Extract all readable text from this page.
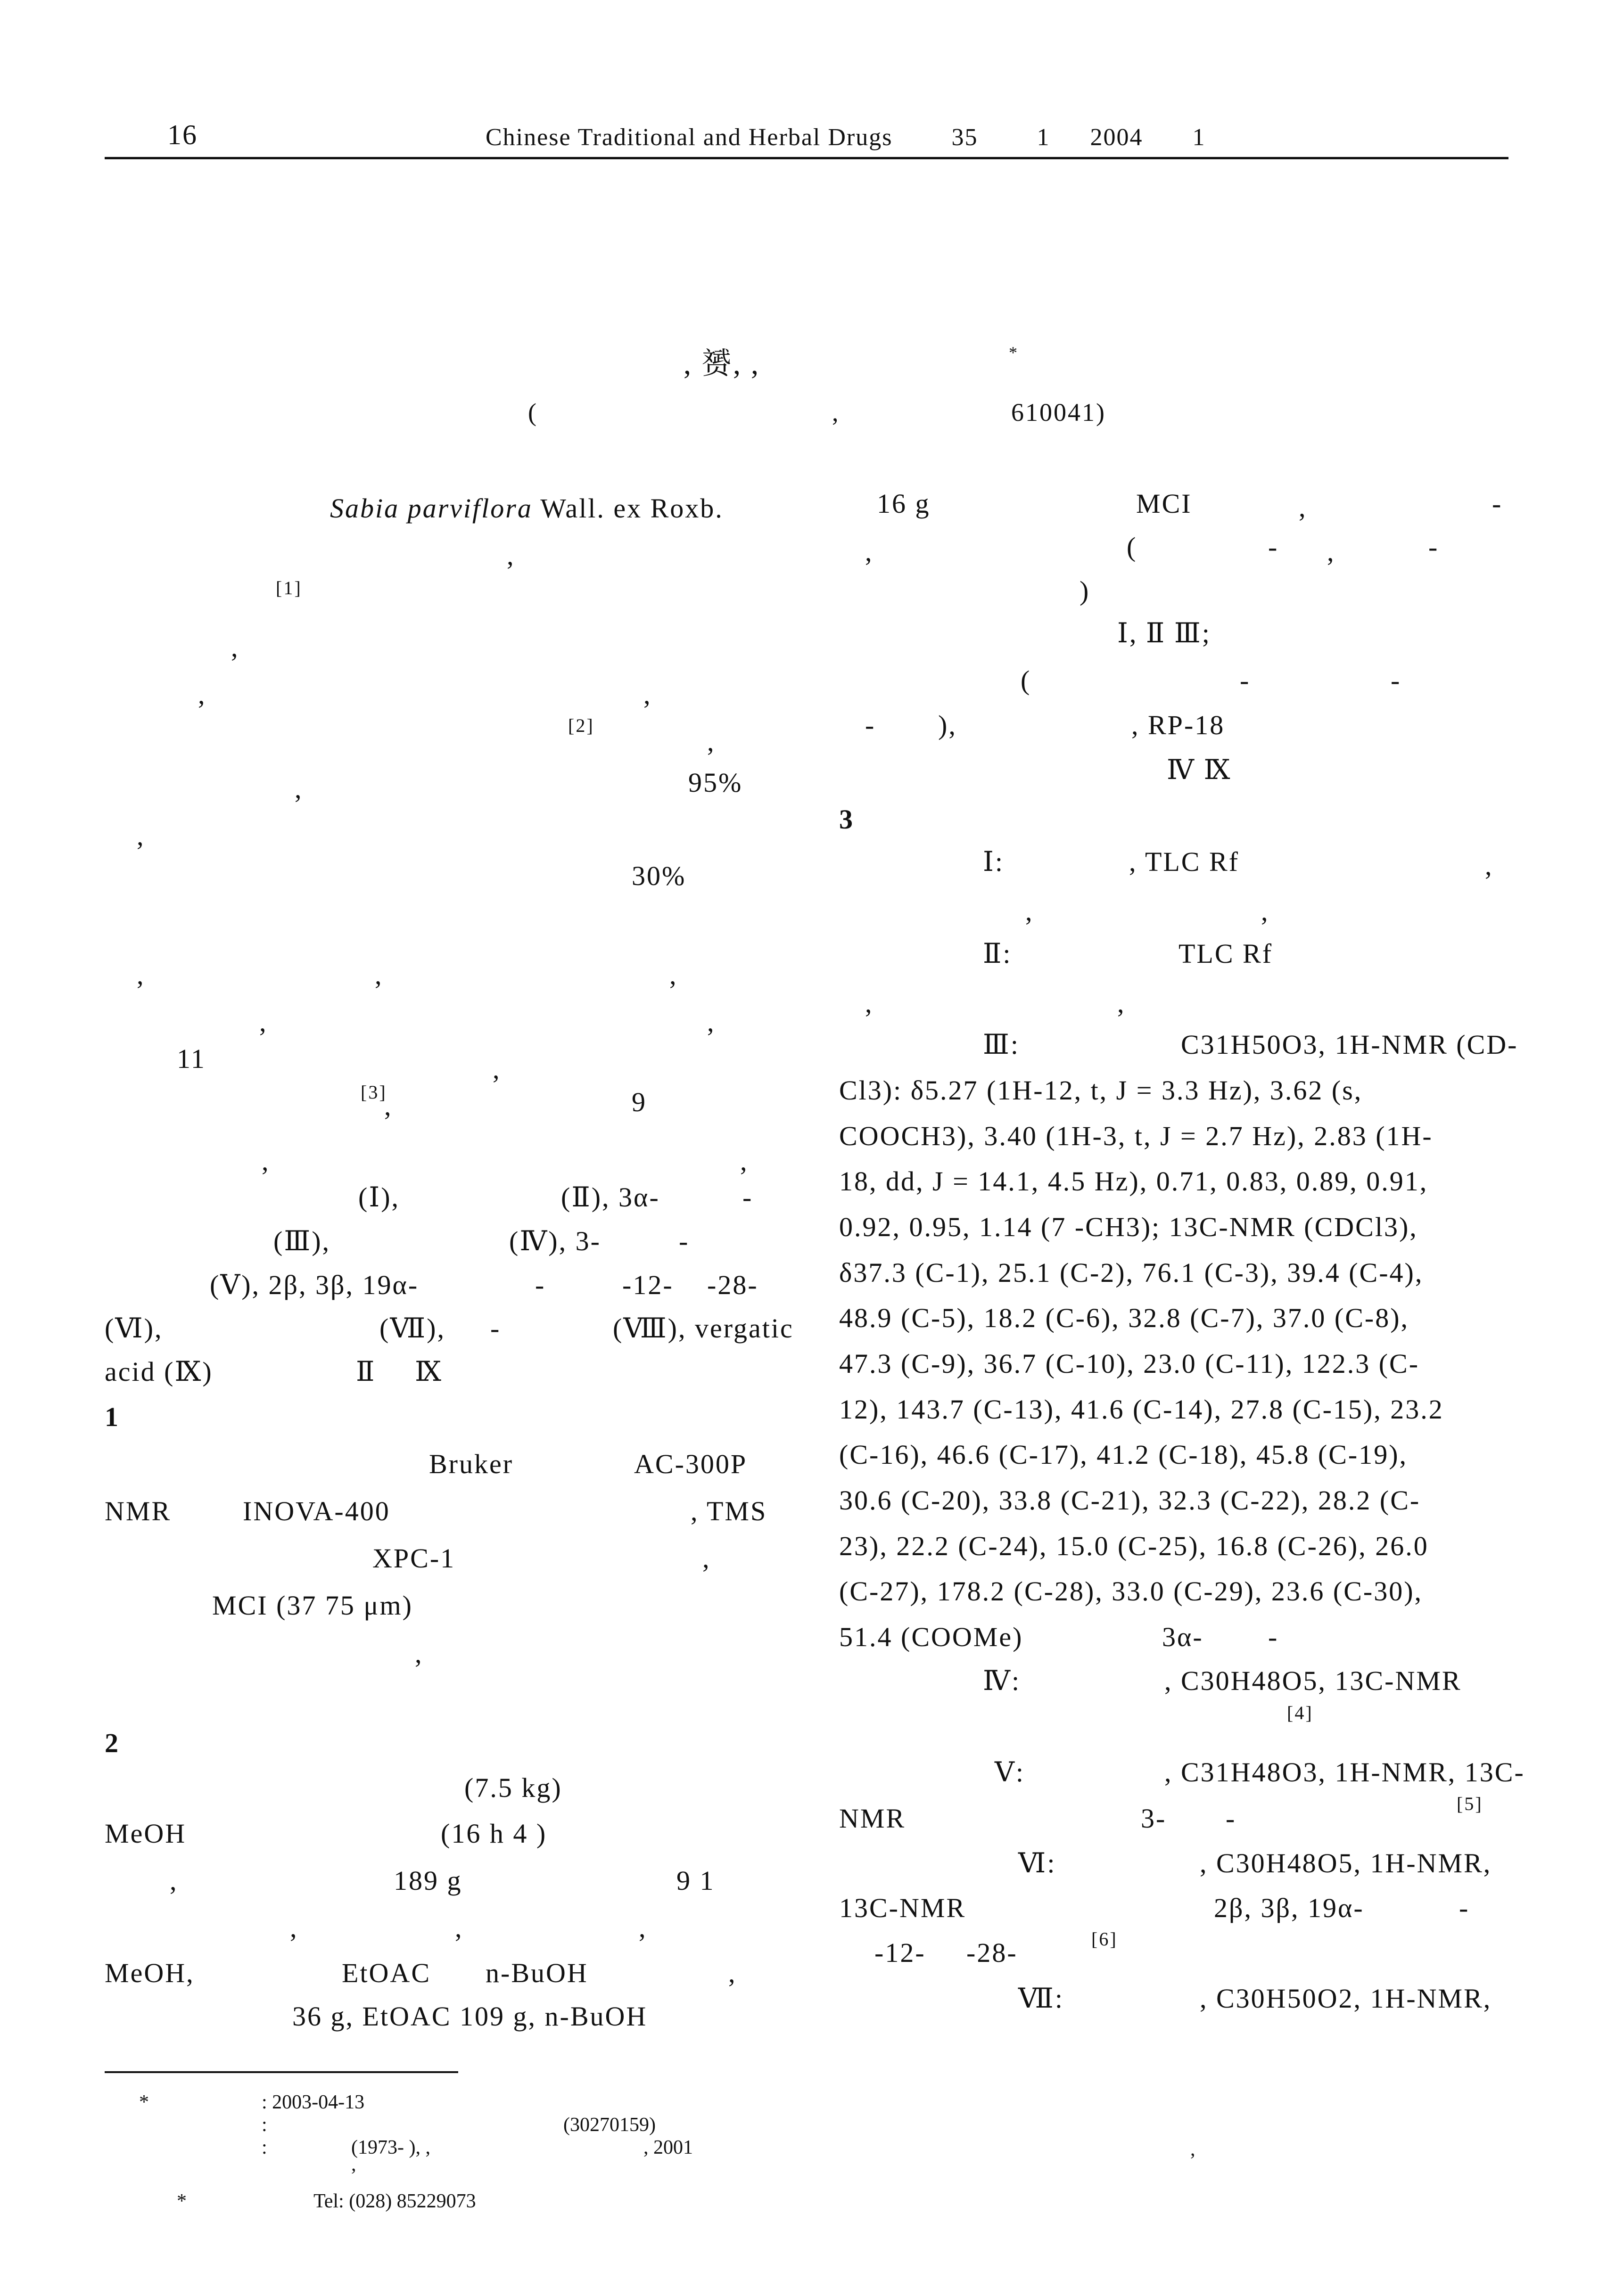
16	Chinese Traditional and Herbal Drugs 35 1 2004 1
, 赟, ,	*
(	,	610041)
Sabia parviflora Wall. ex Roxb.
,
[1]
,
,	,
[2]
,
,	95%
,
30%
,	,	,
,	,
11	,
[3]
,	9
,	,
(Ⅰ),	(Ⅱ), 3α-	-
(Ⅲ),	(Ⅳ), 3-	-
(Ⅴ), 2β, 3β, 19α-	-	-12- -28-
(Ⅵ),	(Ⅶ), -	(Ⅷ), vergatic
acid (Ⅸ)	Ⅱ Ⅸ
1
Bruker	AC-300P
NMR	INOVA-400	, TMS
XPC-1	,
MCI (37 75 μm)
,
2
(7.5 kg)
MeOH	(16 h 4 )
,	189 g	9 1
,	,	,
MeOH,	EtOAC n-BuOH	,
36 g, EtOAC 109 g, n-BuOH
*	: 2003-04-13
:	(30270159)
:	(1973- ), ,	, 2001
,
*	Tel: (028) 85229073
,
16 g	MCI	,	-
,	(	- ,	-
)
Ⅰ, Ⅱ Ⅲ;
(	-	-
- ),	, RP-18
Ⅳ Ⅸ
3
Ⅰ:	, TLC Rf	,
,	,
Ⅱ:	TLC Rf
,	,
Ⅲ:	C31H50O3, 1H-NMR (CD-
Cl3): δ5.27 (1H-12, t, J = 3.3 Hz), 3.62 (s,
COOCH3), 3.40 (1H-3, t, J = 2.7 Hz), 2.83 (1H-
18, dd, J = 14.1, 4.5 Hz), 0.71, 0.83, 0.89, 0.91,
0.92, 0.95, 1.14 (7 -CH3); 13C-NMR (CDCl3),
δ37.3 (C-1), 25.1 (C-2), 76.1 (C-3), 39.4 (C-4),
48.9 (C-5), 18.2 (C-6), 32.8 (C-7), 37.0 (C-8),
47.3 (C-9), 36.7 (C-10), 23.0 (C-11), 122.3 (C-
12), 143.7 (C-13), 41.6 (C-14), 27.8 (C-15), 23.2
(C-16), 46.6 (C-17), 41.2 (C-18), 45.8 (C-19),
30.6 (C-20), 33.8 (C-21), 32.3 (C-22), 28.2 (C-
23), 22.2 (C-24), 15.0 (C-25), 16.8 (C-26), 26.0
(C-27), 178.2 (C-28), 33.0 (C-29), 23.6 (C-30),
51.4 (COOMe)	3α- -
Ⅳ:	, C30H48O5, 13C-NMR
[4]
Ⅴ:	, C31H48O3, 1H-NMR, 13C-
NMR	3- -	[5]
Ⅵ:	, C30H48O5, 1H-NMR,
13C-NMR	2β, 3β, 19α-	-
-12- -28-	[6]
Ⅶ:	, C30H50O2, 1H-NMR,
